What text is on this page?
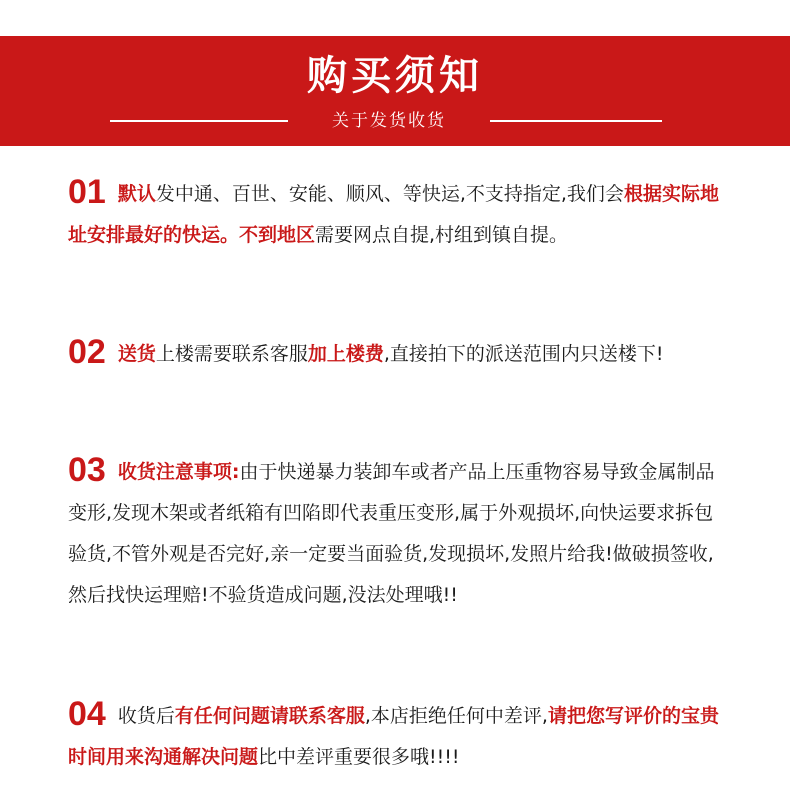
购买须知
关于发货收货
01 默认发中通、百世、安能、顺风、等快运,不支持指定,我们会根据实际地址安排最好的快运。不到地区需要网点自提,村组到镇自提。
02 送货上楼需要联系客服加上楼费,直接拍下的派送范围内只送楼下!
03 收货注意事项:由于快递暴力装卸车或者产品上压重物容易导致金属制品变形,发现木架或者纸箱有凹陷即代表重压变形,属于外观损坏,向快运要求拆包验货,不管外观是否完好,亲一定要当面验货,发现损坏,发照片给我!做破损签收,然后找快运理赔!不验货造成问题,没法处理哦!!
04 收货后有任何问题请联系客服,本店拒绝任何中差评,请把您写评价的宝贵时间用来沟通解决问题比中差评重要很多哦!!!!
